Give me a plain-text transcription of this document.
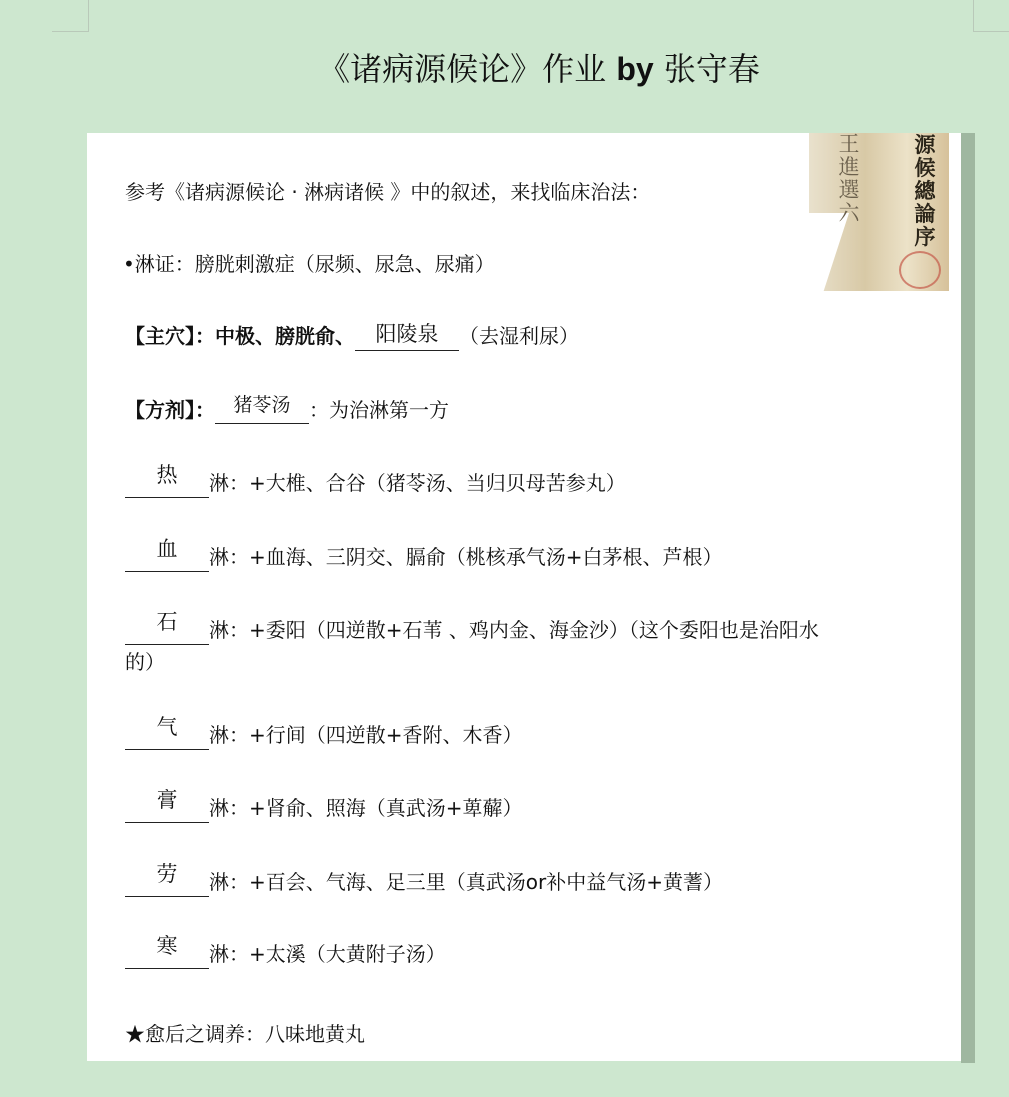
《诸病源候论》作业 by 张守春
王
進
選
六
源
候
總
論
序
参考《诸病源候论 · 淋病诸候 》中的叙述，来找临床治法：
•淋证：膀胱刺激症（尿频、尿急、尿痛）
【主穴】：中极、膀胱俞、 阳陵泉 （去湿利尿）
【方剂】： 猪苓汤 ：为治淋第一方
热 淋：+大椎、合谷（猪苓汤、当归贝母苦参丸）
血 淋：+血海、三阴交、膈俞（桃核承气汤+白茅根、芦根）
石 淋：+委阳（四逆散+石苇 、鸡内金、海金沙）（这个委阳也是治阳水
的）
气 淋：+行间（四逆散+香附、木香）
膏 淋：+肾俞、照海（真武汤+萆薢）
劳 淋：+百会、气海、足三里（真武汤or补中益气汤+黄蓍）
寒 淋：+太溪（大黄附子汤）
★愈后之调养：八味地黄丸
